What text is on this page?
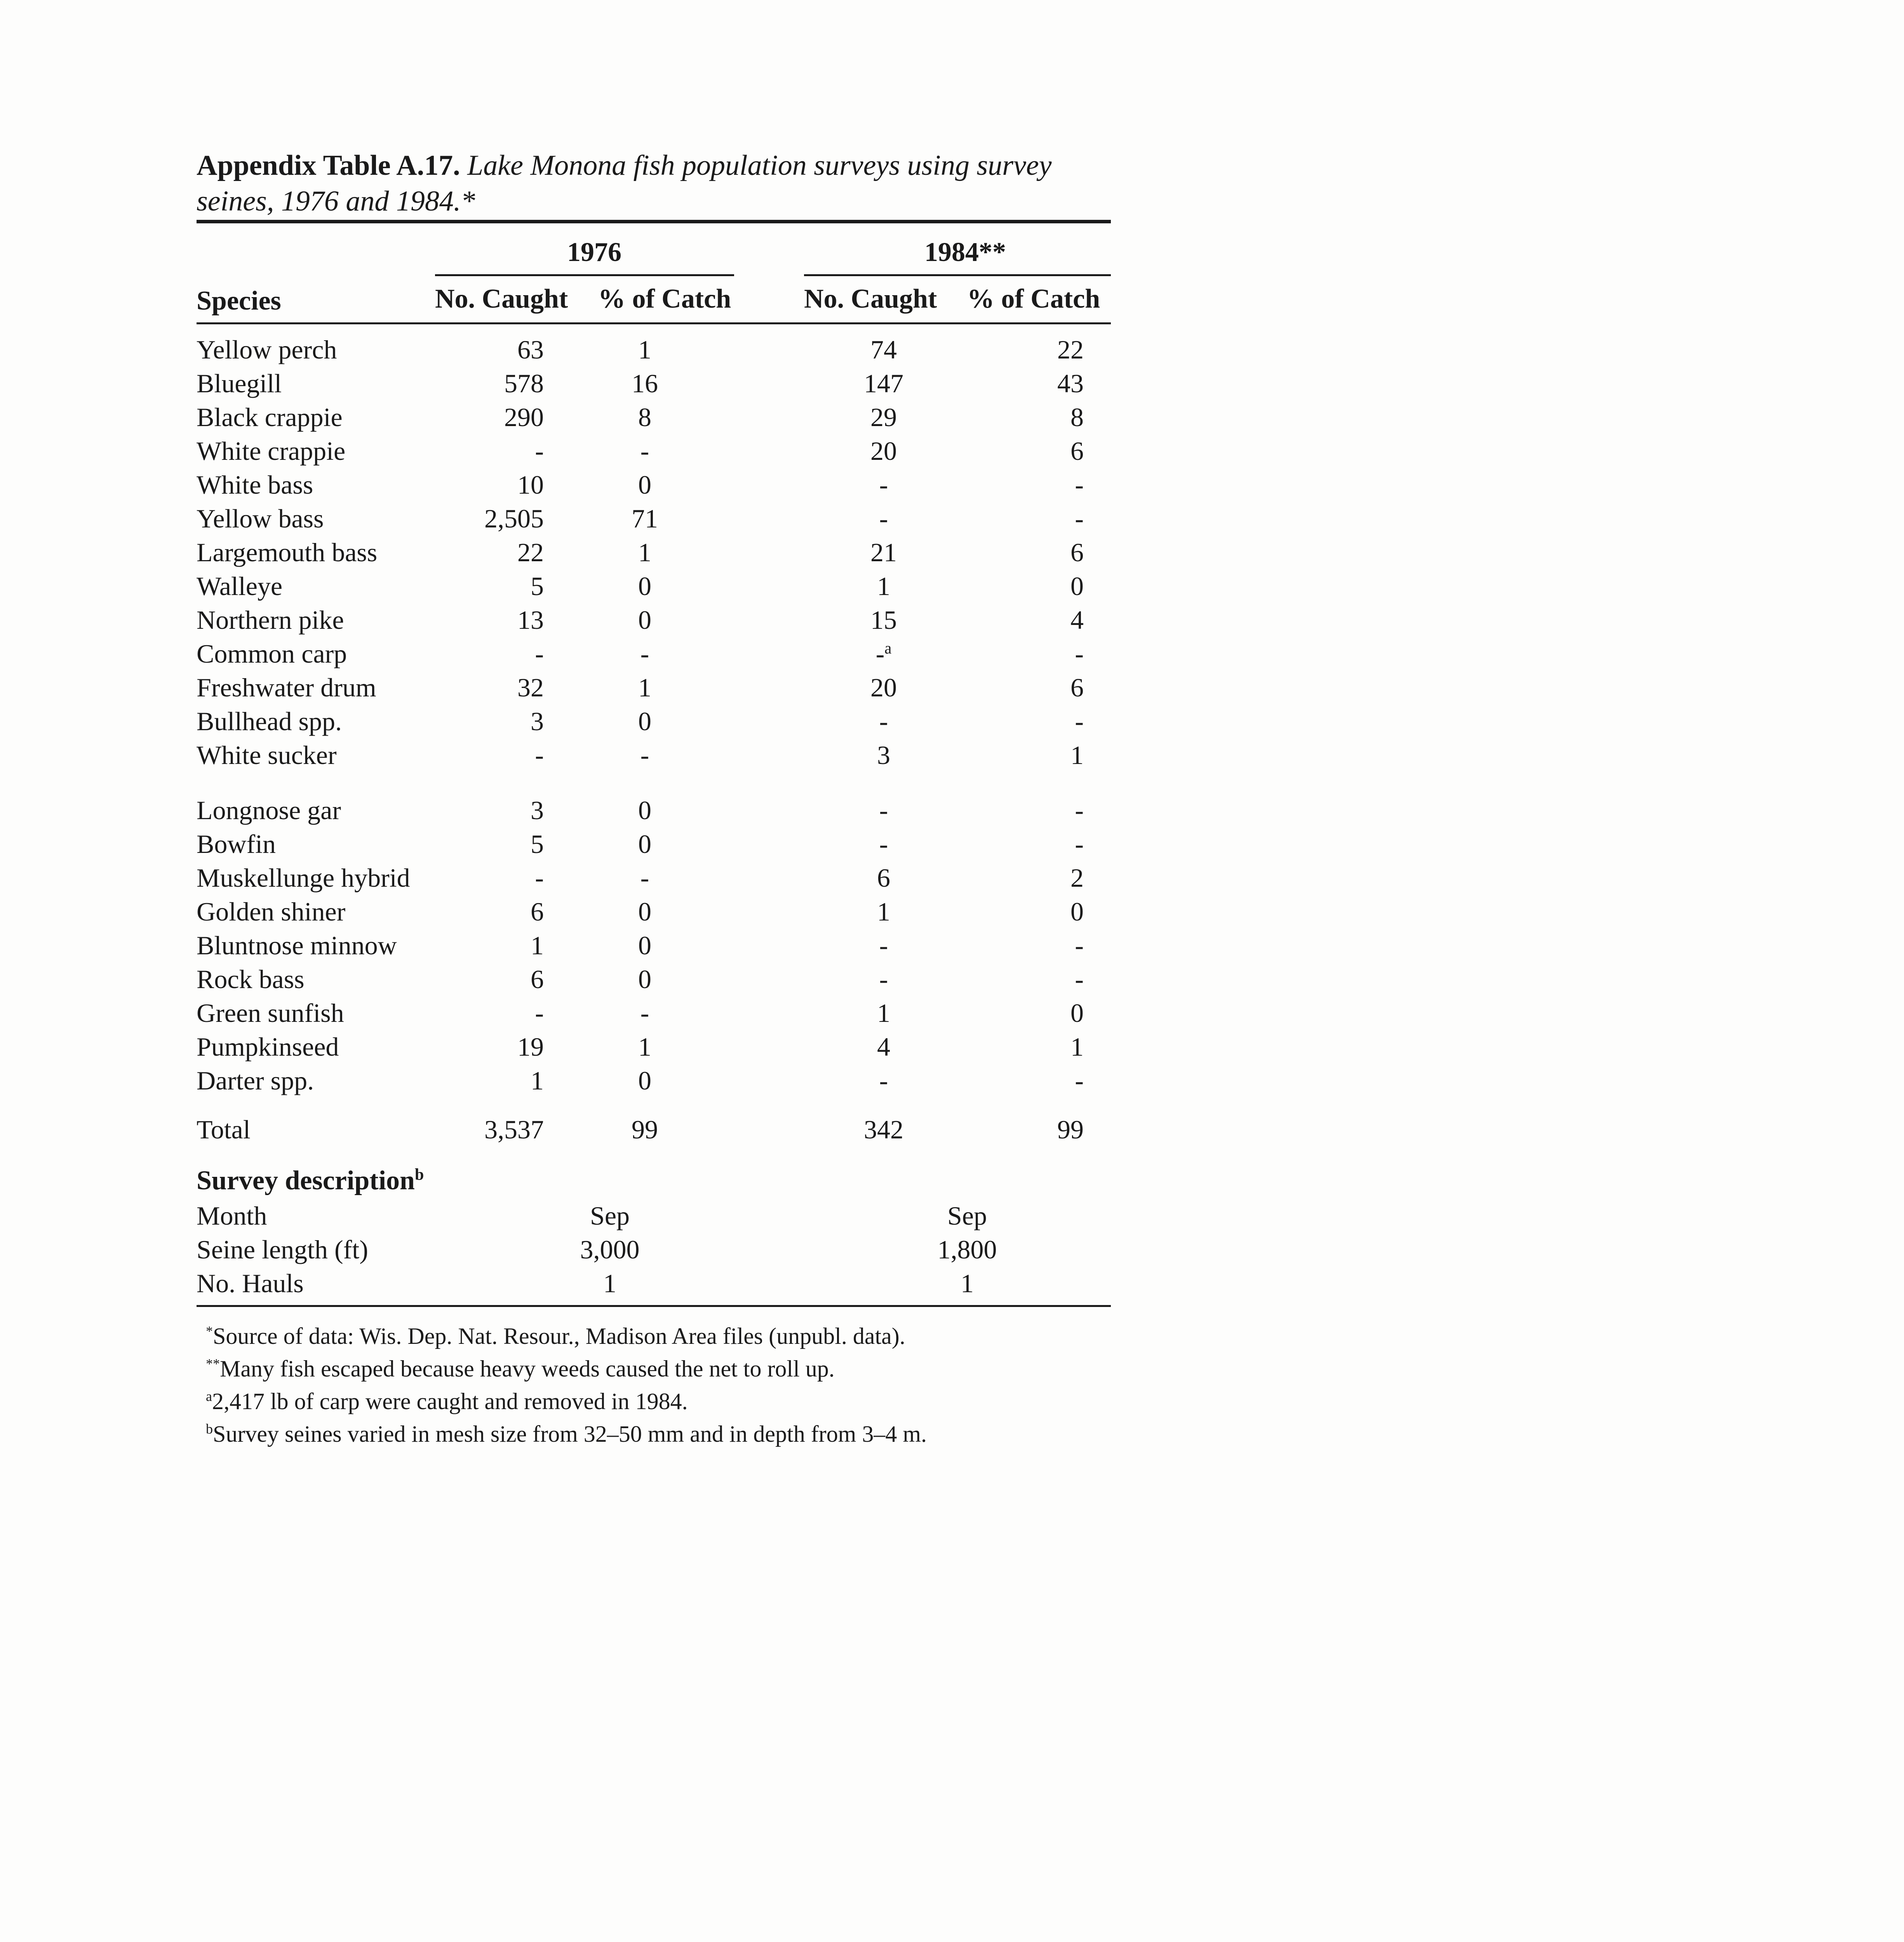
Appendix Table A.17. Lake Monona fish population surveys using survey seines, 1976 and 1984.*
1976	1984**
Species	No. Caught % of Catch	No. Caught % of Catch
Yellow perch	63	1	74	22
Bluegill	578	16	147	43
Black crappie	290	8	29	8
White crappie	-	-	20	6
White bass	10	0	-	-
Yellow bass	2,505	71	-	-
Largemouth bass	22	1	21	6
Walleye	5	0	1	0
Northern pike	13	0	15	4
Common carp	-	-	-$^a$	-
Freshwater drum	32	1	20	6
Bullhead spp.	3	0	-	-
White sucker	-	-	3	1
Longnose gar	3	0	-	-
Bowfin	5	0	-	-
Muskellunge hybrid	-	-	6	2
Golden shiner	6	0	1	0
Bluntnose minnow	1	0	-	-
Rock bass	6	0	-	-
Green sunfish	-	-	1	0
Pumpkinseed	19	1	4	1
Darter spp.	1	0	-	-
Total	3,537	99	342	99
Survey description$^b$
Month	Sep	Sep
Seine length (ft)	3,000	1,800
No. Hauls	1	1
*Source of data: Wis. Dep. Nat. Resour., Madison Area files (unpubl. data).
**Many fish escaped because heavy weeds caused the net to roll up.
$^a$2,417 lb of carp were caught and removed in 1984.
$^b$Survey seines varied in mesh size from 32–50 mm and in depth from 3–4 m.
